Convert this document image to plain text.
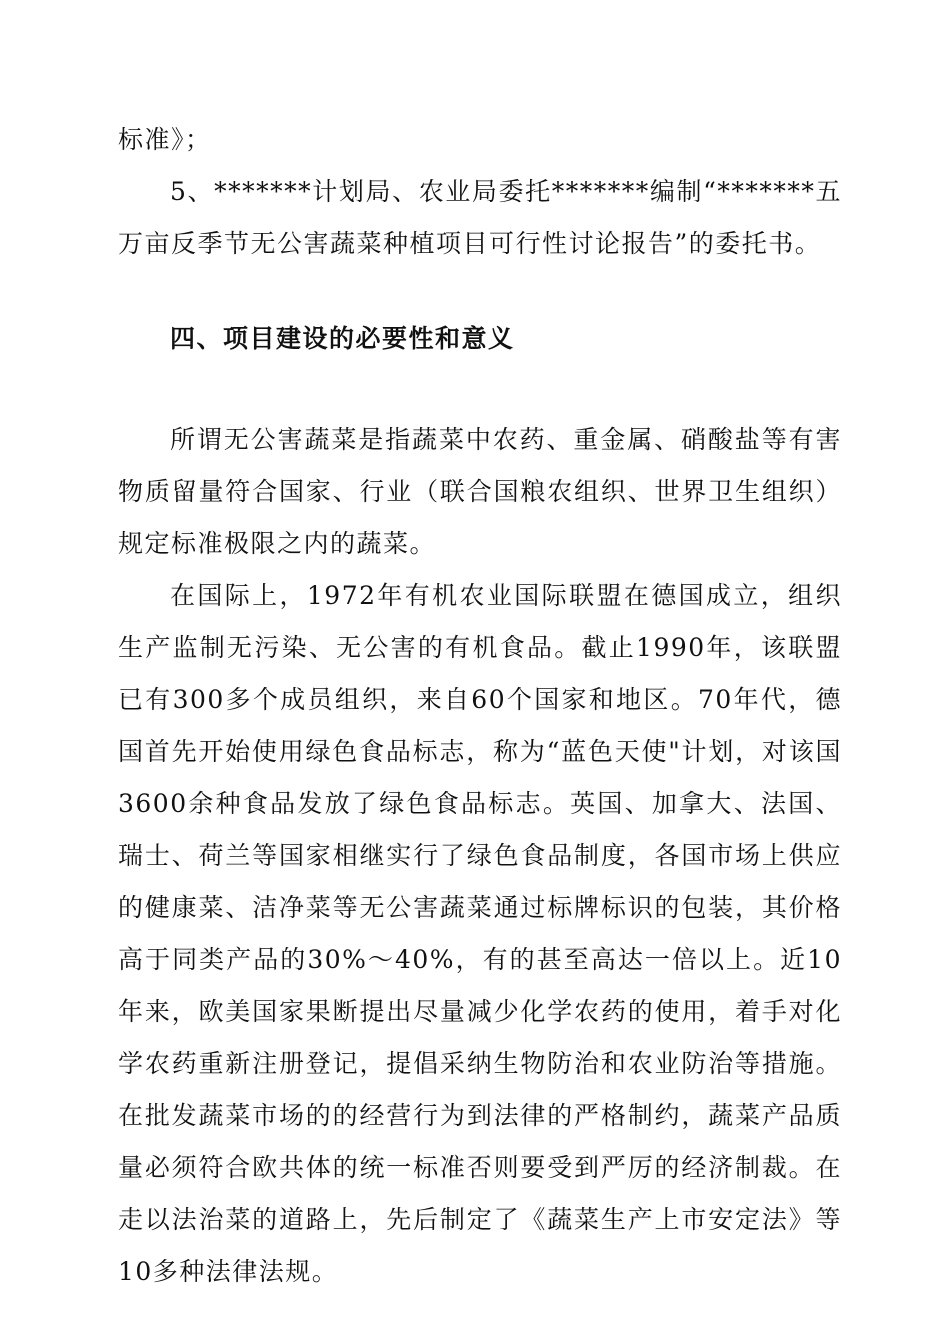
标准》；

5、*******计划局、农业局委托*******编制“*******五万亩反季节无公害蔬菜种植项目可行性讨论报告”的委托书。

四、项目建设的必要性和意义

所谓无公害蔬菜是指蔬菜中农药、重金属、硝酸盐等有害物质留量符合国家、行业（联合国粮农组织、世界卫生组织）规定标准极限之内的蔬菜。

在国际上，1972年有机农业国际联盟在德国成立，组织生产监制无污染、无公害的有机食品。截止1990年，该联盟已有300多个成员组织，来自60个国家和地区。70年代，德国首先开始使用绿色食品标志，称为“蓝色天使"计划，对该国3600余种食品发放了绿色食品标志。英国、加拿大、法国、瑞士、荷兰等国家相继实行了绿色食品制度，各国市场上供应的健康菜、洁净菜等无公害蔬菜通过标牌标识的包装，其价格高于同类产品的30%～40%，有的甚至高达一倍以上。近10年来，欧美国家果断提出尽量减少化学农药的使用，着手对化学农药重新注册登记，提倡采纳生物防治和农业防治等措施。在批发蔬菜市场的的经营行为到法律的严格制约，蔬菜产品质量必须符合欧共体的统一标准否则要受到严厉的经济制裁。在走以法治菜的道路上，先后制定了《蔬菜生产上市安定法》等10多种法律法规。
